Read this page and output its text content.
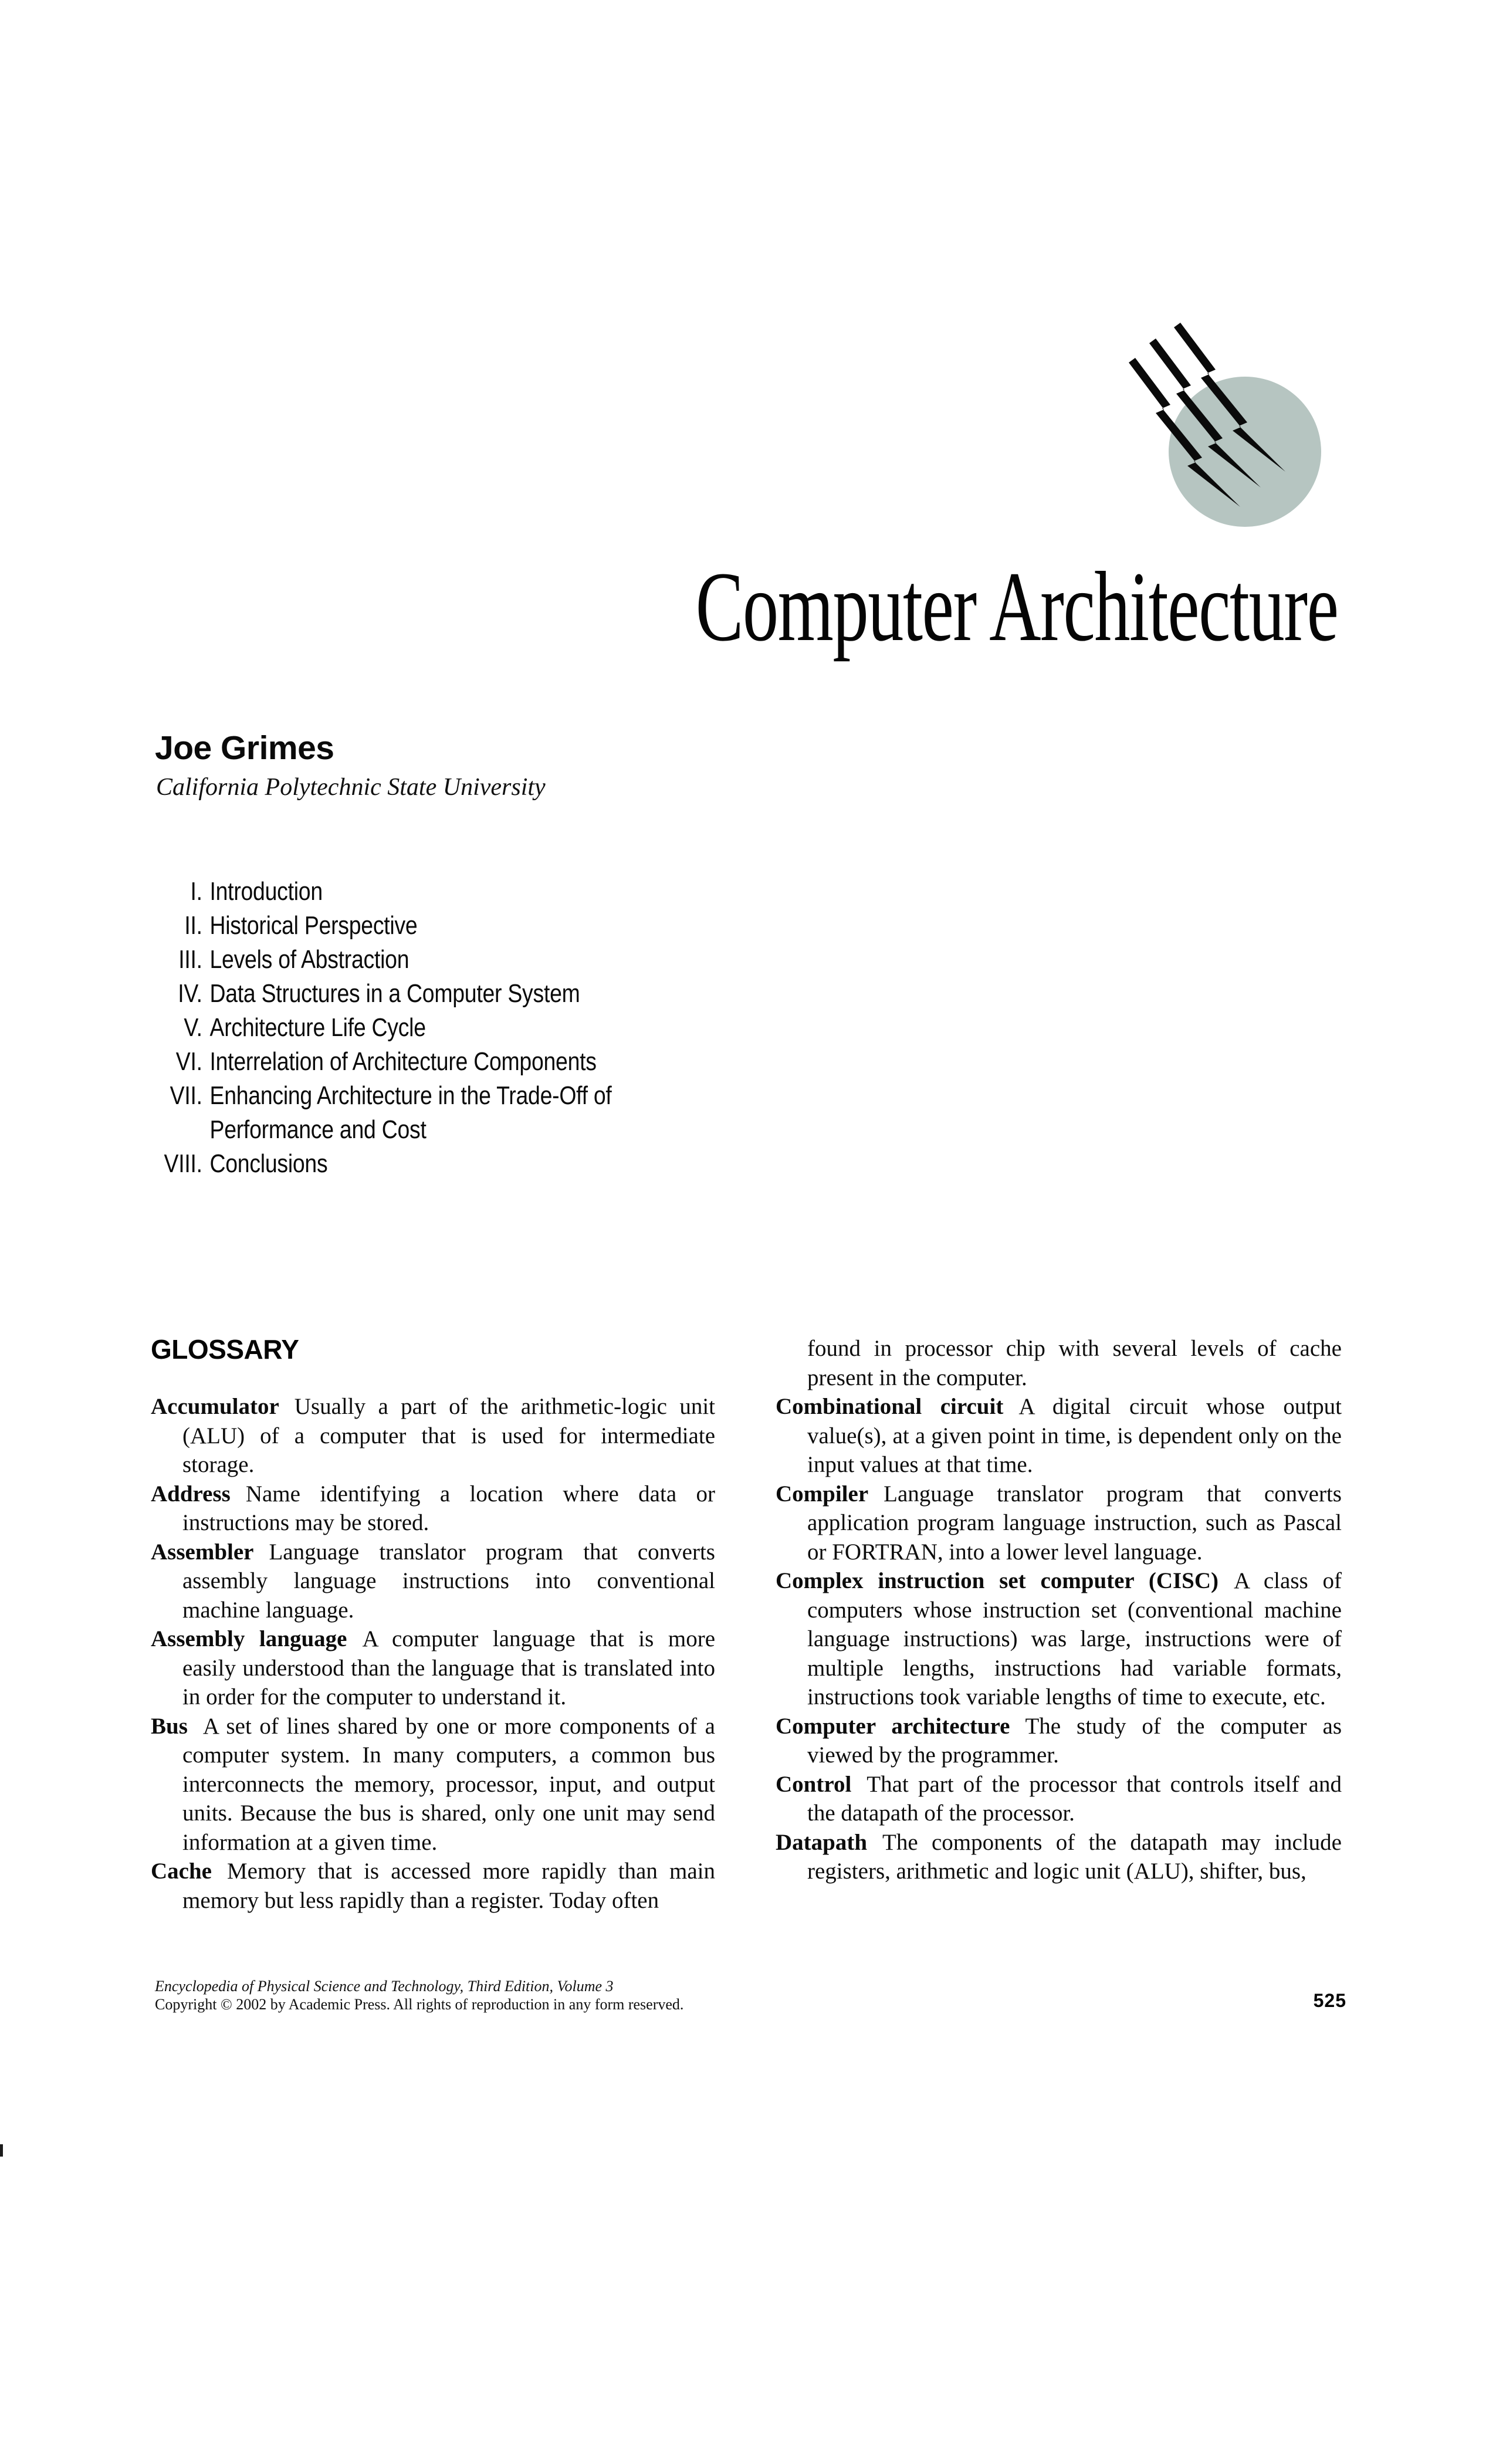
Computer Architecture
Joe Grimes
California Polytechnic State University
I. Introduction
II. Historical Perspective
III. Levels of Abstraction
IV. Data Structures in a Computer System
V. Architecture Life Cycle
VI. Interrelation of Architecture Components
VII. Enhancing Architecture in the Trade-Off of Performance and Cost
VIII. Conclusions
GLOSSARY

Accumulator Usually a part of the arithmetic-logic unit (ALU) of a computer that is used for intermediate storage.

Address Name identifying a location where data or instructions may be stored.

Assembler Language translator program that converts assembly language instructions into conventional machine language.

Assembly language A computer language that is more easily understood than the language that is translated into in order for the computer to understand it.

Bus A set of lines shared by one or more components of a computer system. In many computers, a common bus interconnects the memory, processor, input, and output units. Because the bus is shared, only one unit may send information at a given time.

Cache Memory that is accessed more rapidly than main memory but less rapidly than a register. Today often

found in processor chip with several levels of cache present in the computer.

Combinational circuit A digital circuit whose output value(s), at a given point in time, is dependent only on the input values at that time.

Compiler Language translator program that converts application program language instruction, such as Pascal or FORTRAN, into a lower level language.

Complex instruction set computer (CISC) A class of computers whose instruction set (conventional machine language instructions) was large, instructions were of multiple lengths, instructions had variable formats, instructions took variable lengths of time to execute, etc.

Computer architecture The study of the computer as viewed by the programmer.

Control That part of the processor that controls itself and the datapath of the processor.

Datapath The components of the datapath may include registers, arithmetic and logic unit (ALU), shifter, bus,

Encyclopedia of Physical Science and Technology, Third Edition, Volume 3
Copyright © 2002 by Academic Press. All rights of reproduction in any form reserved.	525
